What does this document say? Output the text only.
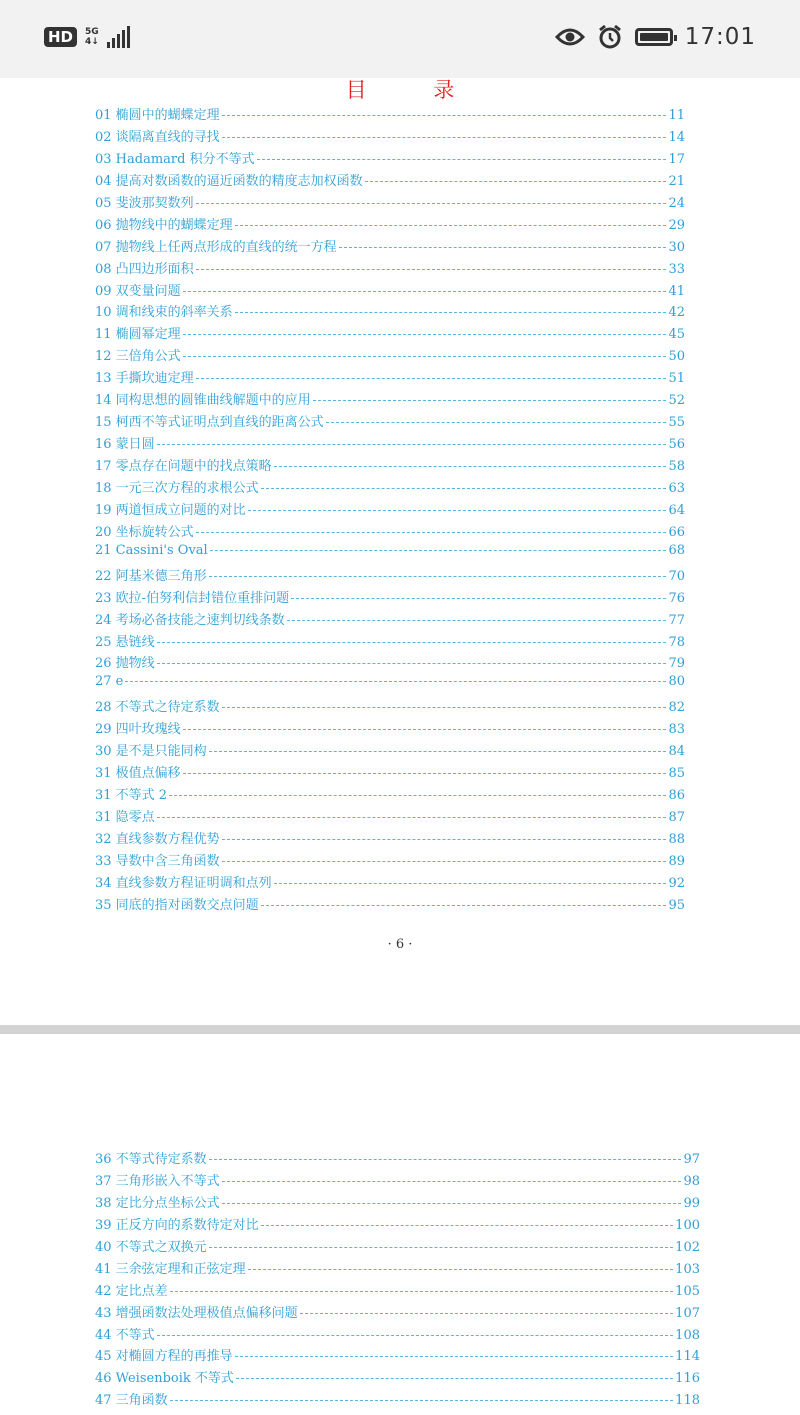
HD	5G
4↓	17:01
目 录
01 椭圆中的蝴蝶定理	11
02 谈隔离直线的寻找	14
03 Hadamard 积分不等式	17
04 提高对数函数的逼近函数的精度志加权函数	21
05 斐波那契数列	24
06 抛物线中的蝴蝶定理	29
07 抛物线上任两点形成的直线的统一方程	30
08 凸四边形面积	33
09 双变量问题	41
10 调和线束的斜率关系	42
11 椭圆幂定理	45
12 三倍角公式	50
13 手撕坎迪定理	51
14 同构思想的圆锥曲线解题中的应用	52
15 柯西不等式证明点到直线的距离公式	55
16 蒙日圆	56
17 零点存在问题中的找点策略	58
18 一元三次方程的求根公式	63
19 两道恒成立问题的对比	64
20 坐标旋转公式	66
21 Cassini's Oval	68
22 阿基米德三角形	70
23 欧拉-伯努利信封错位重排问题	76
24 考场必备技能之速判切线条数	77
25 悬链线	78
26 抛物线	79
27 e	80
28 不等式之待定系数	82
29 四叶玫瑰线	83
30 是不是只能同构	84
31 极值点偏移	85
31 不等式 2	86
31 隐零点	87
32 直线参数方程优势	88
33 导数中含三角函数	89
34 直线参数方程证明调和点列	92
35 同底的指对函数交点问题	95
· 6 ·
36 不等式待定系数	97
37 三角形嵌入不等式	98
38 定比分点坐标公式	99
39 正反方向的系数待定对比	100
40 不等式之双换元	102
41 三余弦定理和正弦定理	103
42 定比点差	105
43 增强函数法处理极值点偏移问题	107
44 不等式	108
45 对椭圆方程的再推导	114
46 Weisenboik 不等式	116
47 三角函数	118
